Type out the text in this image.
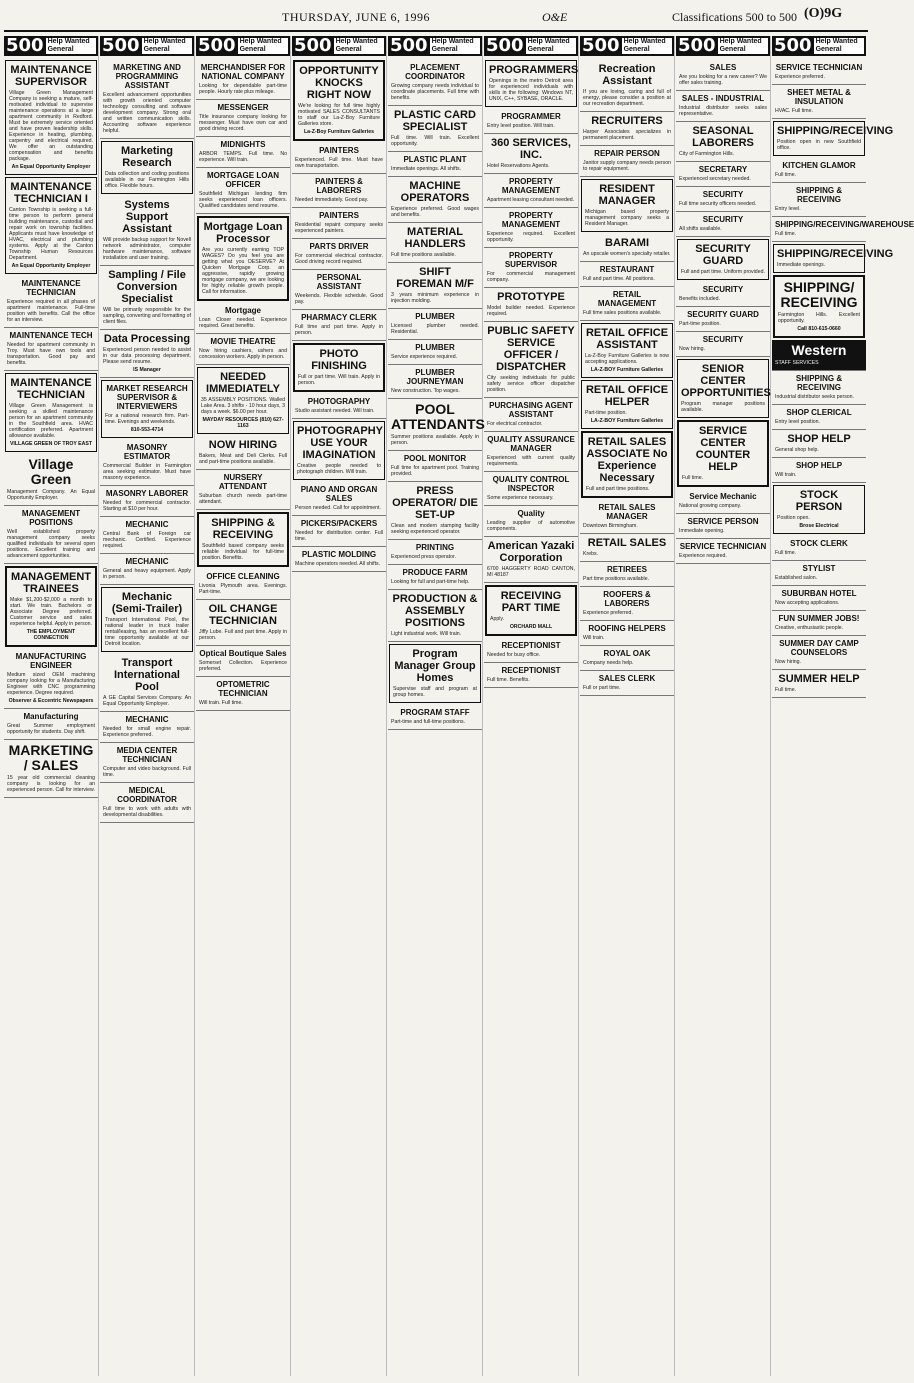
THURSDAY, JUNE 6, 1996	O&E	Classifications 500 to 500 (O)9G
500 Help Wanted General
MAINTENANCE SUPERVISOR
Village Green Management Company is seeking a mature, self-motivated individual to supervise maintenance operations at a large apartment community in Redford. Must be extremely service oriented and have proven leadership skills. Experience in heating, plumbing, carpentry and electrical required. We offer an outstanding compensation and benefits package.
An Equal Opportunity Employer
MAINTENANCE TECHNICIAN I
Canton Township is seeking a full-time person to perform general building maintenance, custodial and repair work on township facilities. Applicants must have knowledge of HVAC, electrical and plumbing systems. Apply at the Canton Township Human Resources Department.
An Equal Opportunity Employer
MAINTENANCE TECHNICIAN
Experience required in all phases of apartment maintenance. Full-time position with benefits. Call the office for an interview.
MAINTENANCE TECH
Needed for apartment community in Troy. Must have own tools and transportation. Good pay and benefits.
MAINTENANCE TECHNICIAN
Village Green Management is seeking a skilled maintenance person for an apartment community in the Southfield area. HVAC certification preferred. Apartment allowance available.
VILLAGE GREEN OF TROY EAST
Village Green
Management Company. An Equal Opportunity Employer.
MANAGEMENT POSITIONS
Well established property management company seeks qualified individuals for several open positions. Excellent training and advancement opportunities.
MANAGEMENT TRAINEES
Make $1,200-$2,000 a month to start. We train. Bachelors or Associate Degree preferred. Customer service and sales experience helpful. Apply in person.
THE EMPLOYMENT CONNECTION
MANUFACTURING ENGINEER
Medium sized OEM machining company looking for a Manufacturing Engineer with CNC programming experience. Degree required.
Observer & Eccentric Newspapers
Manufacturing
Great Summer employment opportunity for students. Day shift.
MARKETING / SALES
15 year old commercial cleaning company is looking for an experienced person. Call for interview.
500 Help Wanted General
MARKETING AND PROGRAMMING ASSISTANT
Excellent advancement opportunities with growth oriented computer technology consulting and software development company. Strong oral and written communication skills. Accounting software experience helpful.
Marketing Research
Data collection and coding positions available in our Farmington Hills office. Flexible hours.
Systems Support Assistant
Will provide backup support for Novell network administrator, computer hardware maintenance, software installation and user training.
Sampling / File Conversion Specialist
Will be primarily responsible for the sampling, converting and formatting of client files.
Data Processing
Experienced person needed to assist in our data processing department. Please send resume.
IS Manager
MARKET RESEARCH SUPERVISOR & INTERVIEWERS
For a national research firm. Part-time. Evenings and weekends.
810-553-4714
MASONRY ESTIMATOR
Commercial Builder in Farmington area seeking estimator. Must have masonry experience.
MASONRY LABORER
Needed for commercial contractor. Starting at $10 per hour.
MECHANIC
Central Bank of Foreign car mechanic. Certified. Experience required.
MECHANIC
General and heavy equipment. Apply in person.
Mechanic (Semi-Trailer)
Transport International Pool, the national leader in truck trailer rental/leasing, has an excellent full-time opportunity available at our Detroit location.
Transport International Pool
A GE Capital Services Company. An Equal Opportunity Employer.
MECHANIC
Needed for small engine repair. Experience preferred.
MEDIA CENTER TECHNICIAN
Computer and video background. Full time.
MEDICAL COORDINATOR
Full time to work with adults with developmental disabilities.
500 Help Wanted General
MERCHANDISER FOR NATIONAL COMPANY
Looking for dependable part-time people. Hourly rate plus mileage.
MESSENGER
Title insurance company looking for messenger. Must have own car and good driving record.
MIDNIGHTS
ARBOR TEMPS. Full time. No experience. Will train.
MORTGAGE LOAN OFFICER
Southfield Michigan lending firm seeks experienced loan officers. Qualified candidates send resume.
Mortgage Loan Processor
Are you currently earning TOP WAGES? Do you feel you are getting what you DESERVE? At Quicken Mortgage Corp. an aggressive, rapidly growing mortgage company, we are looking for highly reliable growth people. Call for information.
Mortgage
Loan Closer needed. Experience required. Great benefits.
MOVIE THEATRE
Now hiring cashiers, ushers and concession workers. Apply in person.
NEEDED IMMEDIATELY
35 ASSEMBLY POSITIONS. Walled Lake Area. 3 shifts - 10 hour days, 3 days a week. $6.00 per hour.
MAYDAY RESOURCES (810) 627-1163
NOW HIRING
Bakers, Meat and Deli Clerks. Full and part-time positions available.
NURSERY ATTENDANT
Suburban church needs part-time attendant.
SHIPPING & RECEIVING
Southfield based company seeks reliable individual for full-time position. Benefits.
OFFICE CLEANING
Livonia Plymouth area. Evenings. Part-time.
OIL CHANGE TECHNICIAN
Jiffy Lube. Full and part time. Apply in person.
Optical Boutique Sales
Somerset Collection. Experience preferred.
OPTOMETRIC TECHNICIAN
Will train. Full time.
500 Help Wanted General
OPPORTUNITY KNOCKS RIGHT NOW
We're looking for full time highly motivated SALES CONSULTANTS to staff our La-Z-Boy Furniture Galleries store.
La-Z-Boy Furniture Galleries
PAINTERS
Experienced. Full time. Must have own transportation.
PAINTERS & LABORERS
Needed immediately. Good pay.
PAINTERS
Residential repaint company seeks experienced painters.
PARTS DRIVER
For commercial electrical contractor. Good driving record required.
PERSONAL ASSISTANT
Weekends. Flexible schedule. Good pay.
PHARMACY CLERK
Full time and part time. Apply in person.
PHOTO FINISHING
Full or part time. Will train. Apply in person.
PHOTOGRAPHY
Studio assistant needed. Will train.
PHOTOGRAPHY USE YOUR IMAGINATION
Creative people needed to photograph children. Will train.
PIANO AND ORGAN SALES
Person needed. Call for appointment.
PICKERS/PACKERS
Needed for distribution center. Full time.
PLASTIC MOLDING
Machine operators needed. All shifts.
500 Help Wanted General
PLACEMENT COORDINATOR
Growing company needs individual to coordinate placements. Full time with benefits.
PLASTIC CARD SPECIALIST
Full time. Will train. Excellent opportunity.
PLASTIC PLANT
Immediate openings. All shifts.
MACHINE OPERATORS
Experience preferred. Good wages and benefits.
MATERIAL HANDLERS
Full time positions available.
SHIFT FOREMAN M/F
3 years minimum experience in injection molding.
PLUMBER
Licensed plumber needed. Residential.
PLUMBER
Service experience required.
PLUMBER JOURNEYMAN
New construction. Top wages.
POOL ATTENDANTS
Summer positions available. Apply in person.
POOL MONITOR
Full time for apartment pool. Training provided.
PRESS OPERATOR/ DIE SET-UP
Clean and modern stamping facility seeking experienced operator.
PRINTING
Experienced press operator.
PRODUCE FARM
Looking for full and part-time help.
PRODUCTION & ASSEMBLY POSITIONS
Light industrial work. Will train.
Program Manager Group Homes
Supervise staff and program at group homes.
PROGRAM STAFF
Part-time and full-time positions.
500 Help Wanted General
PROGRAMMERS
Openings in the metro Detroit area for experienced individuals with skills in the following: Windows NT, UNIX, C++, SYBASE, ORACLE.
PROGRAMMER
Entry level position. Will train.
360 SERVICES, INC.
Hotel Reservations Agents.
PROPERTY MANAGEMENT
Apartment leasing consultant needed.
PROPERTY MANAGEMENT
Experience required. Excellent opportunity.
PROPERTY SUPERVISOR
For commercial management company.
PROTOTYPE
Model builder needed. Experience required.
PUBLIC SAFETY SERVICE OFFICER / DISPATCHER
City seeking individuals for public safety service officer dispatcher position.
PURCHASING AGENT ASSISTANT
For electrical contractor.
QUALITY ASSURANCE MANAGER
Experienced with current quality requirements.
QUALITY CONTROL INSPECTOR
Some experience necessary.
Quality
Leading supplier of automotive components.
American Yazaki Corporation
6700 HAGGERTY ROAD CANTON, MI 48187
RECEIVING PART TIME
Apply.
ORCHARD MALL
RECEPTIONIST
Needed for busy office.
RECEPTIONIST
Full time. Benefits.
500 Help Wanted General
Recreation Assistant
If you are loving, caring and full of energy, please consider a position at our recreation department.
RECRUITERS
Harper Associates specializes in permanent placement.
REPAIR PERSON
Janitor supply company needs person to repair equipment.
RESIDENT MANAGER
Michigan based property management company seeks a Resident Manager.
BARAMI
An upscale women's specialty retailer.
RESTAURANT
Full and part time. All positions.
RETAIL MANAGEMENT
Full time sales positions available.
RETAIL OFFICE ASSISTANT
La-Z-Boy Furniture Galleries is now accepting applications.
LA-Z-BOY Furniture Galleries
RETAIL OFFICE HELPER
Part-time position.
LA-Z-BOY Furniture Galleries
RETAIL SALES ASSOCIATE No Experience Necessary
Full and part time positions.
RETAIL SALES MANAGER
Downtown Birmingham.
RETAIL SALES
Krebs.
RETIREES
Part time positions available.
ROOFERS & LABORERS
Experience preferred.
ROOFING HELPERS
Will train.
ROYAL OAK
Company needs help.
SALES CLERK
Full or part time.
500 Help Wanted General
SALES
Are you looking for a new career? We offer sales training.
SALES - INDUSTRIAL
Industrial distributor seeks sales representative.
SEASONAL LABORERS
City of Farmington Hills.
SECRETARY
Experienced secretary needed.
SECURITY
Full time security officers needed.
SECURITY
All shifts available.
SECURITY GUARD
Full and part time. Uniform provided.
SECURITY
Benefits included.
SECURITY GUARD
Part-time position.
SECURITY
Now hiring.
SENIOR CENTER OPPORTUNITIES
Program manager positions available.
SERVICE CENTER COUNTER HELP
Full time.
Service Mechanic
National growing company.
SERVICE PERSON
Immediate opening.
SERVICE TECHNICIAN
Experience required.
500 Help Wanted General
SERVICE TECHNICIAN
Experience preferred.
SHEET METAL & INSULATION
HVAC. Full time.
SHIPPING/RECEIVING
Position open in new Southfield office.
KITCHEN GLAMOR
Full time.
SHIPPING & RECEIVING
Entry level.
SHIPPING/RECEIVING/WAREHOUSE
Full time.
SHIPPING/RECEIVING
Immediate openings.
SHIPPING/ RECEIVING
Farmington Hills. Excellent opportunity.
Call 810-615-0660
Western
STAFF SERVICES
SHIPPING & RECEIVING
Industrial distributor seeks person.
SHOP CLERICAL
Entry level position.
SHOP HELP
General shop help.
SHOP HELP
Will train.
STOCK PERSON
Position open.
Brose Electrical
STOCK CLERK
Full time.
STYLIST
Established salon.
SUBURBAN HOTEL
Now accepting applications.
FUN SUMMER JOBS!
Creative, enthusiastic people.
SUMMER DAY CAMP COUNSELORS
Now hiring.
SUMMER HELP
Full time.
